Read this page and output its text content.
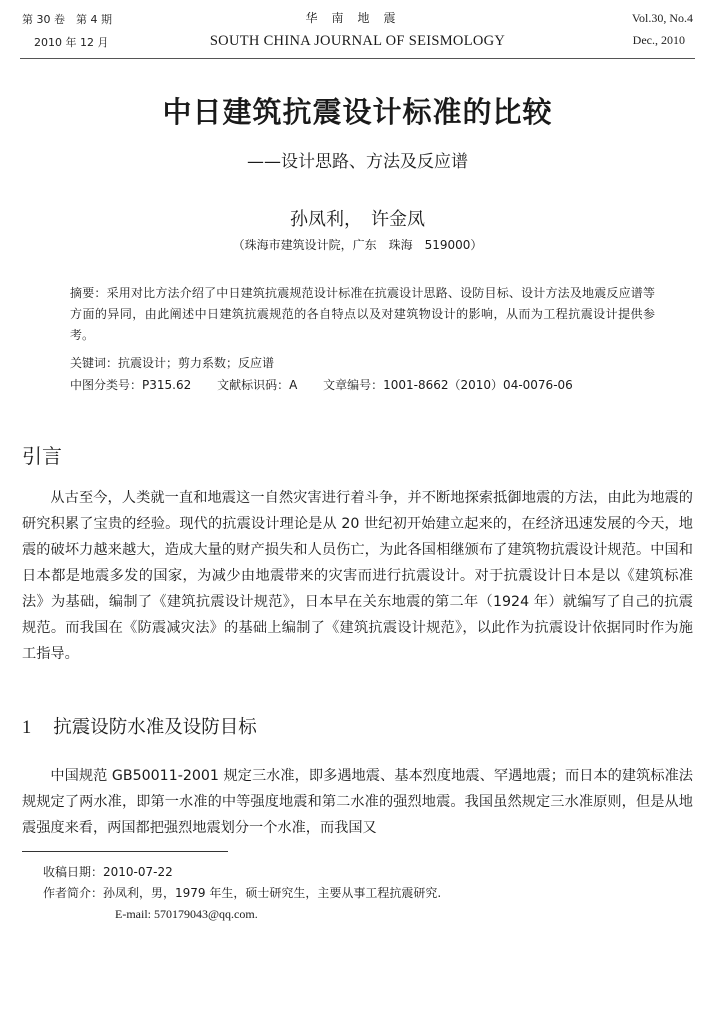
第 30 卷　第 4 期
2010 年 12 月
华南地震
SOUTH CHINA JOURNAL OF SEISMOLOGY
Vol.30, No.4
Dec., 2010
中日建筑抗震设计标准的比较
——设计思路、方法及反应谱
孙凤利，　许金凤
（珠海市建筑设计院，广东　珠海　519000）
摘要：采用对比方法介绍了中日建筑抗震规范设计标准在抗震设计思路、设防目标、设计方法及地震反应谱等方面的异同，由此阐述中日建筑抗震规范的各自特点以及对建筑物设计的影响，从而为工程抗震设计提供参考。
关键词：抗震设计；剪力系数；反应谱
中图分类号：P315.62 文献标识码：A 文章编号：1001-8662（2010）04-0076-06
引言
从古至今，人类就一直和地震这一自然灾害进行着斗争，并不断地探索抵御地震的方法，由此为地震的研究积累了宝贵的经验。现代的抗震设计理论是从 20 世纪初开始建立起来的，在经济迅速发展的今天，地震的破坏力越来越大，造成大量的财产损失和人员伤亡，为此各国相继颁布了建筑物抗震设计规范。中国和日本都是地震多发的国家，为减少由地震带来的灾害而进行抗震设计。对于抗震设计日本是以《建筑标准法》为基础，编制了《建筑抗震设计规范》，日本早在关东地震的第二年（1924 年）就编写了自己的抗震规范。而我国在《防震减灾法》的基础上编制了《建筑抗震设计规范》，以此作为抗震设计依据同时作为施工指导。
1 抗震设防水准及设防目标
中国规范 GB50011-2001 规定三水准，即多遇地震、基本烈度地震、罕遇地震；而日本的建筑标准法规规定了两水准，即第一水准的中等强度地震和第二水准的强烈地震。我国虽然规定三水准原则，但是从地震强度来看，两国都把强烈地震划分一个水准，而我国又
收稿日期：2010-07-22
作者简介：孙凤利，男，1979 年生，硕士研究生，主要从事工程抗震研究.
E-mail: 570179043@qq.com.
